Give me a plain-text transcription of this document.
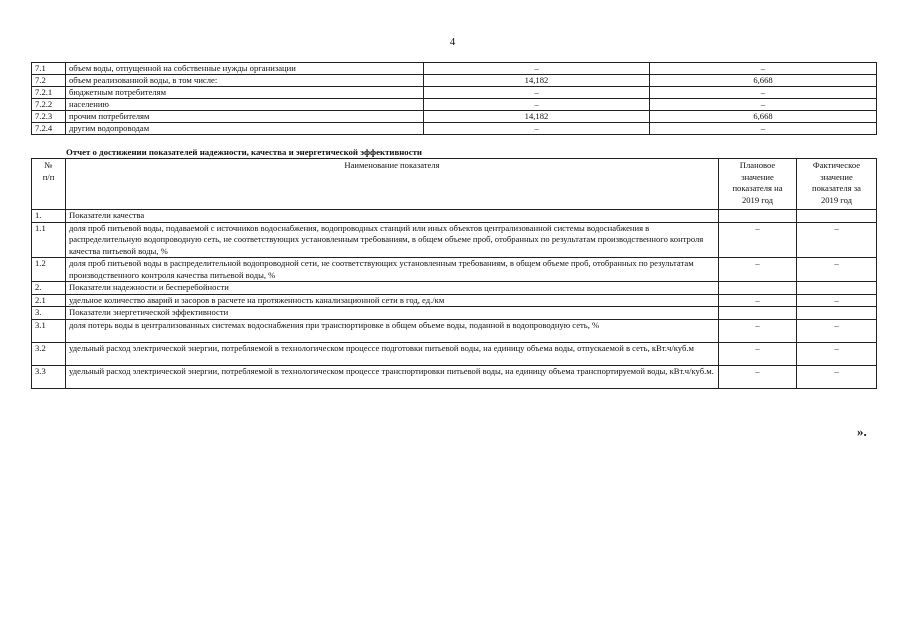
4
7.1	объем воды, отпущенной на собственные нужды организации	–	–
7.2	объем реализованной воды, в том числе:	14,182	6,668
7.2.1	бюджетным потребителям	–	–
7.2.2	населению	–	–
7.2.3	прочим потребителям	14,182	6,668
7.2.4	другим водопроводам	–	–
Отчет о достижении показателей надежности, качества и энергетической эффективности
№ п/п	Наименование показателя	Плановое значение показателя на 2019 год	Фактическое значение показателя за 2019 год
1.	Показатели качества		
1.1	доля проб питьевой воды, подаваемой с источников водоснабжения, водопроводных станций или иных объектов централизованной системы водоснабжения в распределительную водопроводную сеть, не соответствующих установленным требованиям, в общем объеме проб, отобранных по результатам производственного контроля качества питьевой воды, %	–	–
1.2	доля проб питьевой воды в распределительной водопроводной сети, не соответствующих установленным требованиям, в общем объеме проб, отобранных по результатам производственного контроля качества питьевой воды, %	–	–
2.	Показатели надежности и бесперебойности		
2.1	удельное количество аварий и засоров в расчете на протяженность канализационной сети в год, ед./км	–	–
3.	Показатели энергетической эффективности		
3.1	доля потерь воды в централизованных системах водоснабжения при транспортировке в общем объеме воды, поданной в водопроводную сеть, %	–	–
3.2	удельный расход электрической энергии, потребляемой в технологическом процессе подготовки питьевой воды, на единицу объема воды, отпускаемой в сеть, кВт.ч/куб.м	–	–
3.3	удельный расход электрической энергии, потребляемой в технологическом процессе транспортировки питьевой воды, на единицу объема транспортируемой воды, кВт.ч/куб.м.	–	–
».
